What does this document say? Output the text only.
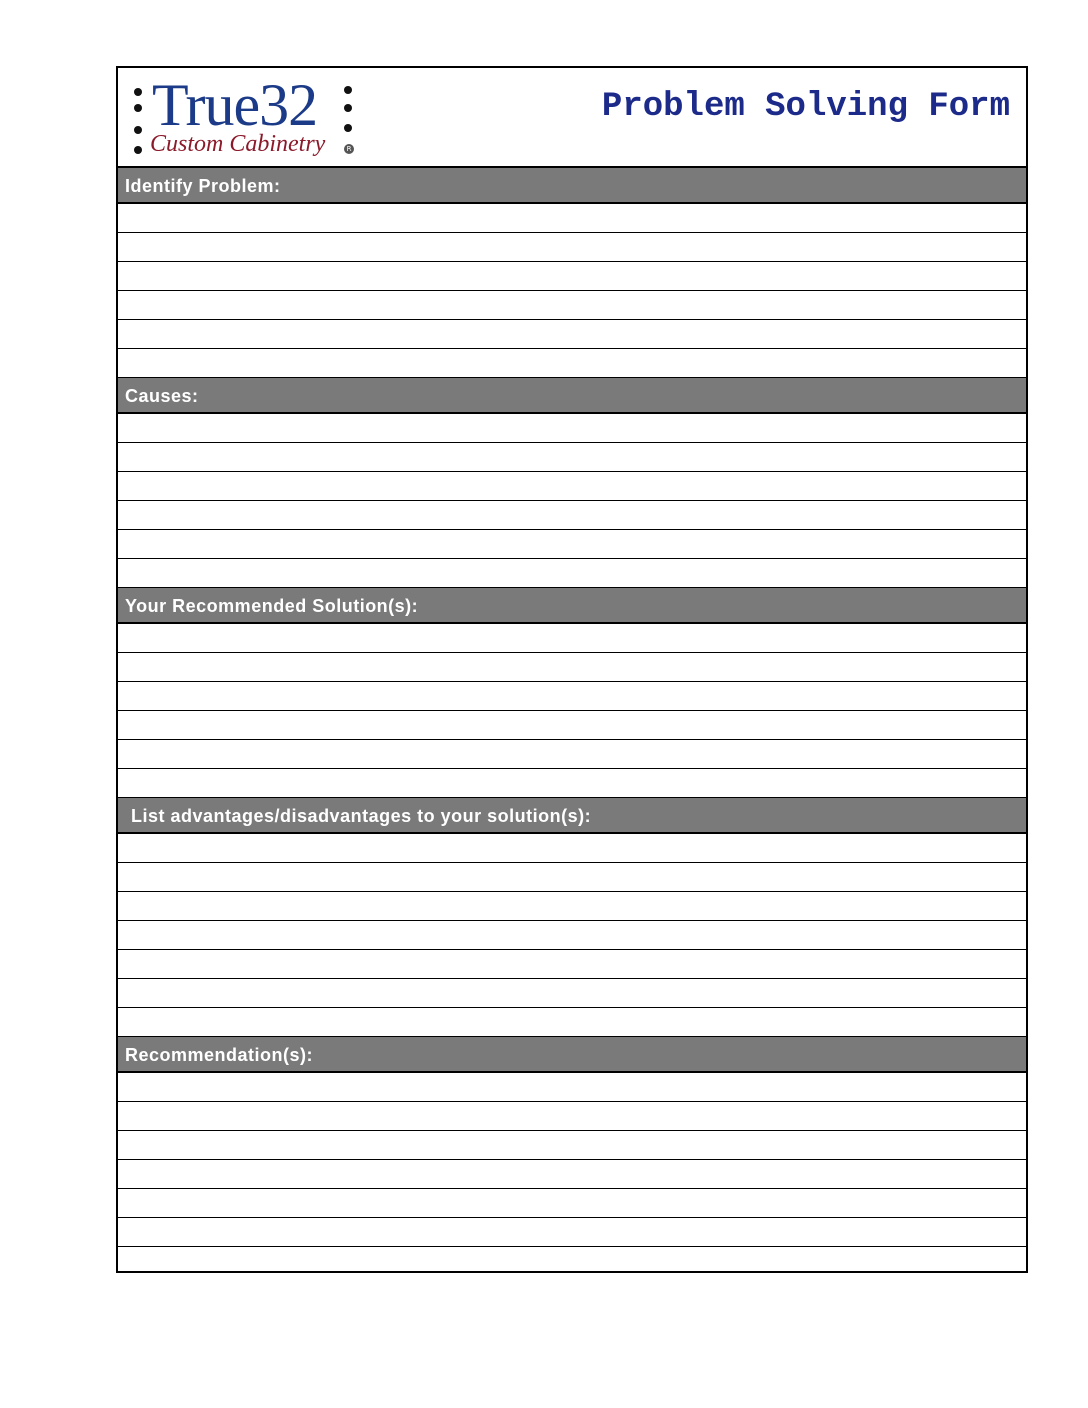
True32
Custom Cabinetry	R
Problem Solving Form
Identify Problem:
Causes:
Your Recommended Solution(s):
List advantages/disadvantages to your solution(s):
Recommendation(s):
